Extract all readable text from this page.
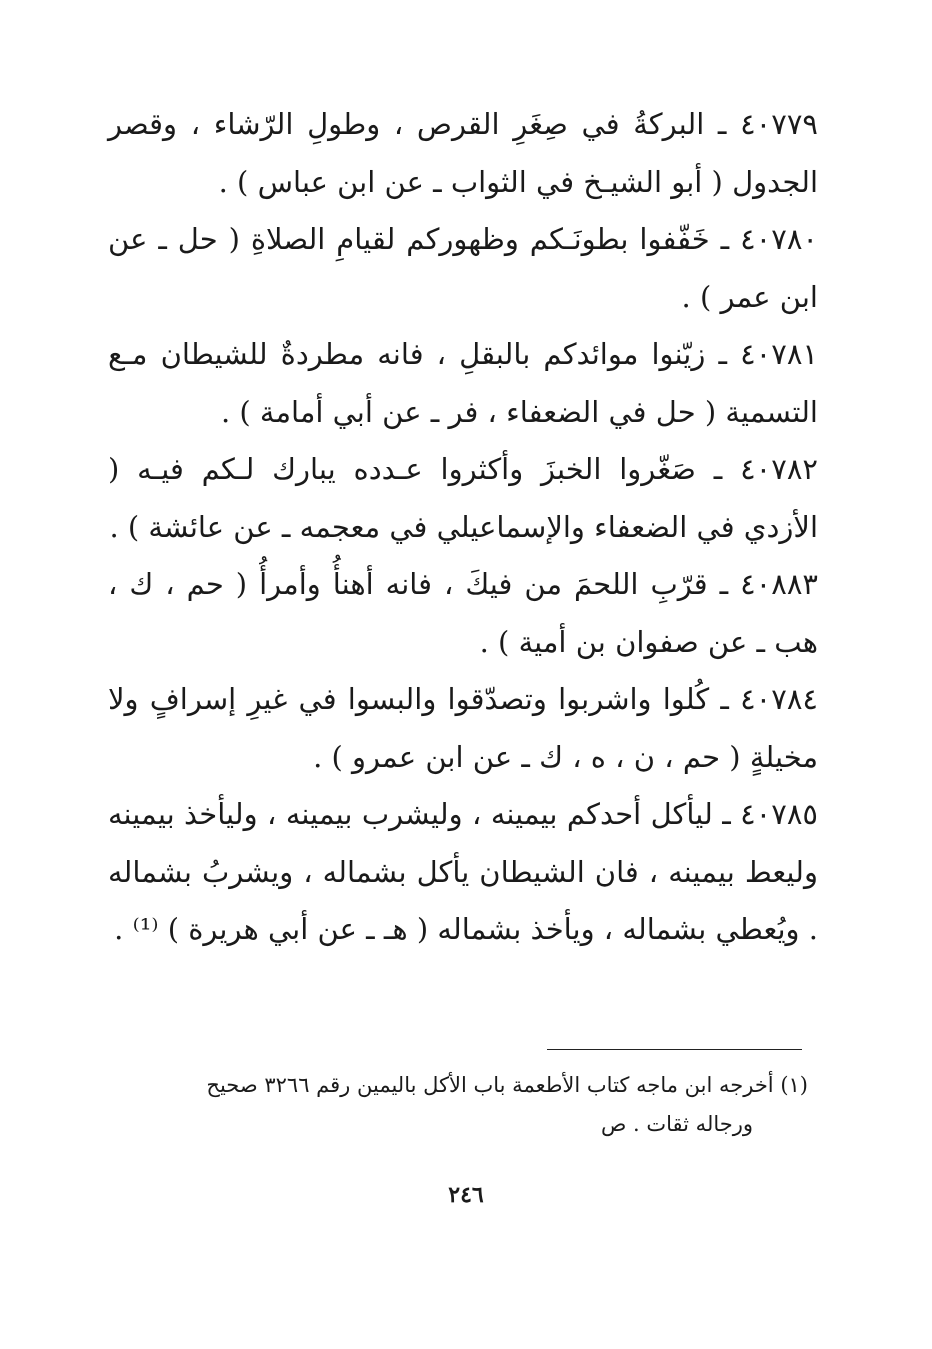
٤٠٧٧٩ ـ البركةُ في صِغَرِ القرص ، وطولِ الرّشاء ، وقصر الجدول ( أبو الشيـخ في الثواب ـ عن ابن عباس ) .

٤٠٧٨٠ ـ خَفّفوا بطونَـكم وظهوركم لقيامِ الصلاةِ ( حل ـ عن ابن عمر ) .

٤٠٧٨١ ـ زيّنوا موائدكم بالبقلِ ، فانه مطردةٌ للشيطان مـع التسمية ( حل في الضعفاء ، فر ـ عن أبي أمامة ) .

٤٠٧٨٢ ـ صَغّروا الخبزَ وأكثروا عـدده يبارك لـكم فيـه ( الأزدي في الضعفاء والإسماعيلي في معجمه ـ عن عائشة ) .

٤٠٨٨٣ ـ قرّبِ اللحمَ من فيكَ ، فانه أهنأُ وأمرأُ ( حم ، ك ، هب ـ عن صفوان بن أمية ) .

٤٠٧٨٤ ـ كُلوا واشربوا وتصدّقوا والبسوا في غيرِ إسرافٍ ولا مخيلةٍ ( حم ، ن ، ه ، ك ـ عن ابن عمرو ) .

٤٠٧٨٥ ـ ليأكل أحدكم بيمينه ، وليشرب بيمينه ، وليأخذ بيمينه وليعط بيمينه ، فان الشيطان يأكل بشماله ، ويشربُ بشماله . ويُعطي بشماله ، ويأخذ بشماله ( هـ ـ عن أبي هريرة ) ⁽¹⁾ .

(١) أخرجه ابن ماجه كتاب الأطعمة باب الأكل باليمين رقم ٣٢٦٦ صحيح

ورجاله ثقات . ص

٢٤٦
